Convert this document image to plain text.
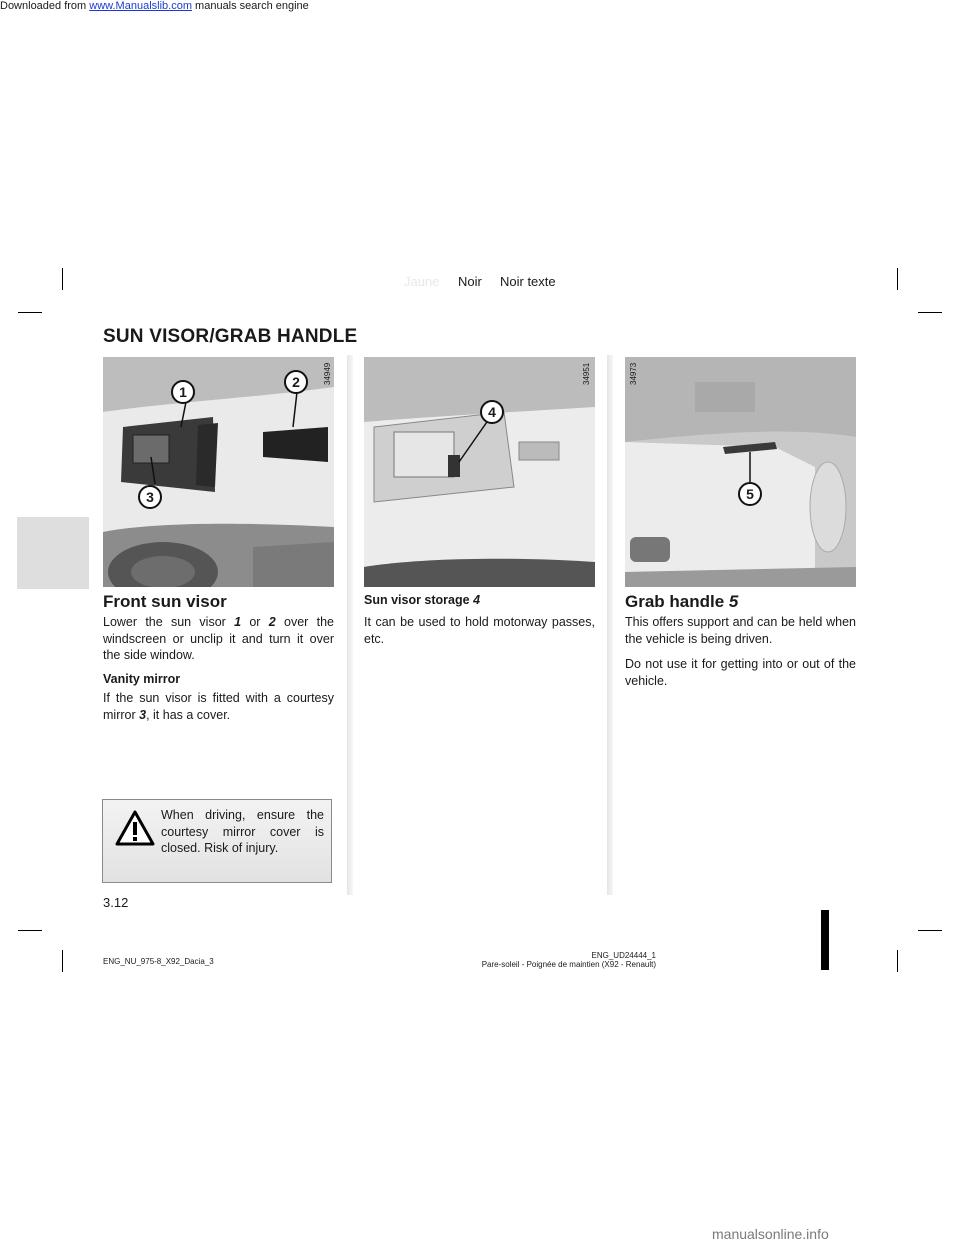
Downloaded from www.Manualslib.com manuals search engine
manualsonline.info
Jaune Noir Noir texte
SUN VISOR/GRAB HANDLE
1
2
3
34949
Front sun visor
Lower the sun visor 1 or 2 over the windscreen or unclip it and turn it over the side window.
Vanity mirror
If the sun visor is fitted with a courtesy mirror 3, it has a cover.
When driving, ensure the courtesy mirror cover is closed. Risk of injury.
4
34951
Sun visor storage 4
It can be used to hold motorway passes, etc.
5
34973
Grab handle 5
This offers support and can be held when the vehicle is being driven.
Do not use it for getting into or out of the vehicle.
3.12
ENG_NU_975-8_X92_Dacia_3
ENG_UD24444_1
Pare-soleil - Poignée de maintien (X92 - Renault)
